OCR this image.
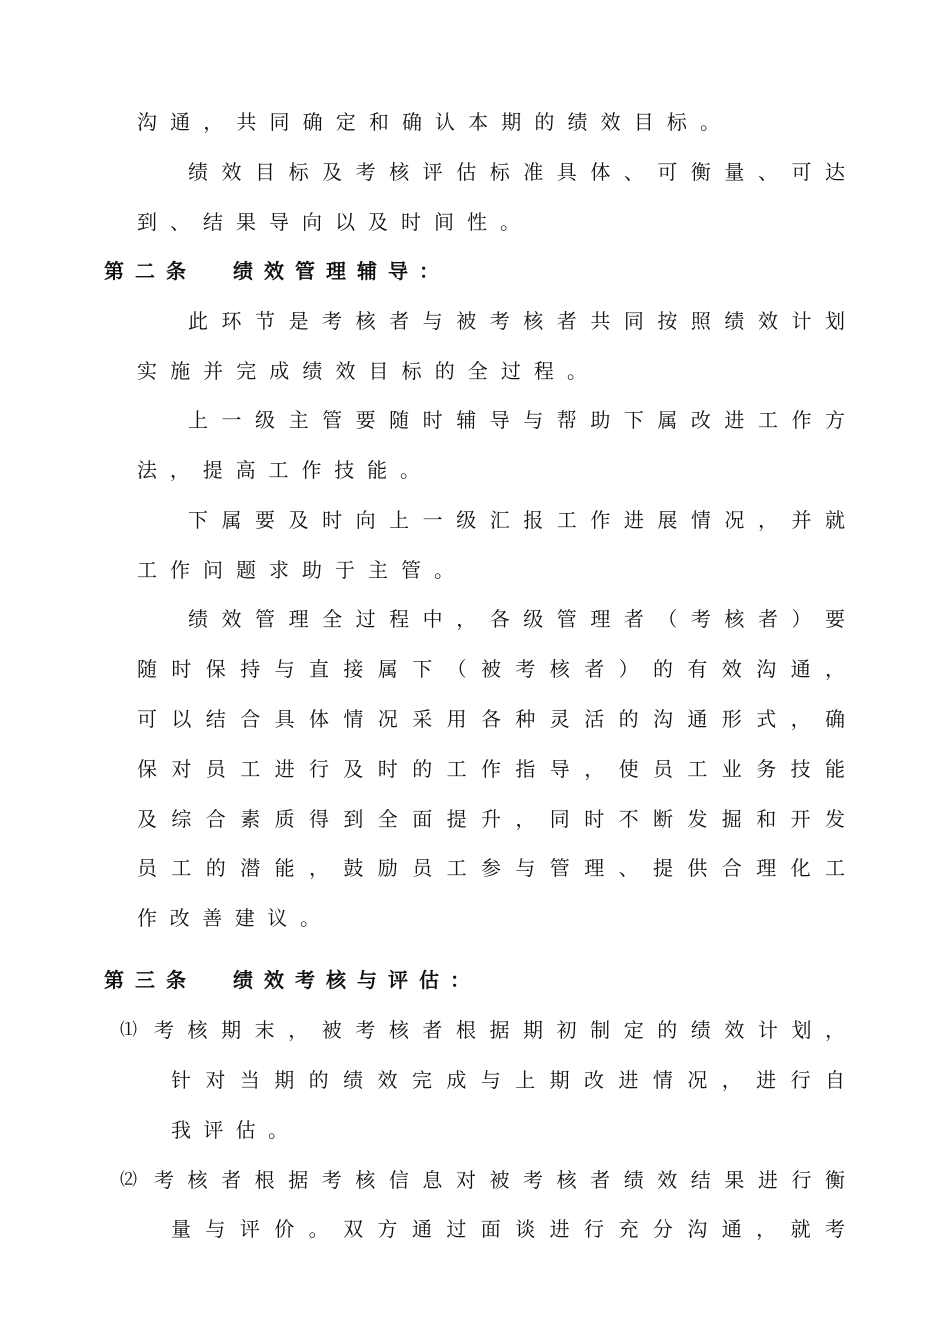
沟通，共同确定和确认本期的绩效目标。
绩效目标及考核评估标准具体、可衡量、可达
到、结果导向以及时间性。
第二条 绩效管理辅导：
此环节是考核者与被考核者共同按照绩效计划
实施并完成绩效目标的全过程。
上一级主管要随时辅导与帮助下属改进工作方
法，提高工作技能。
下属要及时向上一级汇报工作进展情况，并就
工作问题求助于主管。
绩效管理全过程中，各级管理者（考核者）要
随时保持与直接属下（被考核者）的有效沟通，
可以结合具体情况采用各种灵活的沟通形式，确
保对员工进行及时的工作指导，使员工业务技能
及综合素质得到全面提升，同时不断发掘和开发
员工的潜能，鼓励员工参与管理、提供合理化工
作改善建议。
第三条 绩效考核与评估：
⑴ 考核期末，被考核者根据期初制定的绩效计划，
针对当期的绩效完成与上期改进情况，进行自
我评估。
⑵ 考核者根据考核信息对被考核者绩效结果进行衡
量与评价。双方通过面谈进行充分沟通，就考
